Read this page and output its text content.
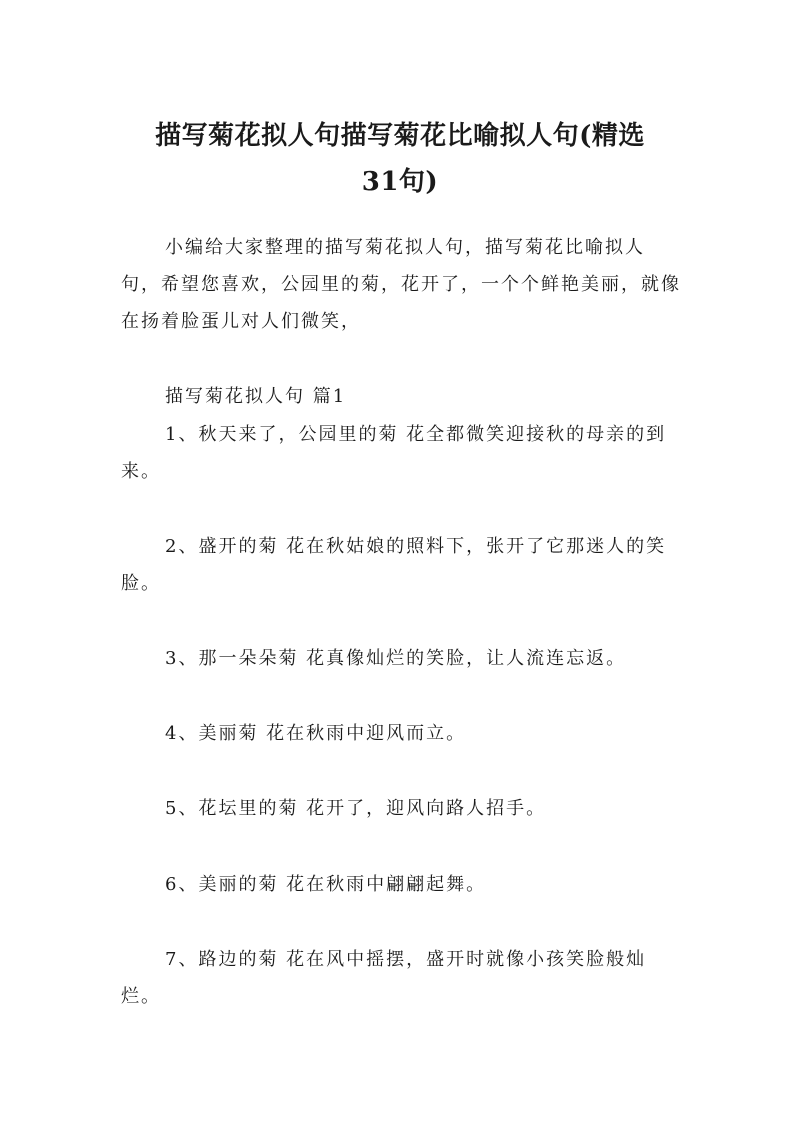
描写菊花拟人句描写菊花比喻拟人句(精选
31句)

小编给大家整理的描写菊花拟人句，描写菊花比喻拟人句，希望您喜欢，公园里的菊，花开了，一个个鲜艳美丽，就像在扬着脸蛋儿对人们微笑，

描写菊花拟人句 篇1

1、秋天来了，公园里的菊 花全都微笑迎接秋的母亲的到来。

2、盛开的菊 花在秋姑娘的照料下，张开了它那迷人的笑脸。

3、那一朵朵菊 花真像灿烂的笑脸，让人流连忘返。

4、美丽菊 花在秋雨中迎风而立。

5、花坛里的菊 花开了，迎风向路人招手。

6、美丽的菊 花在秋雨中翩翩起舞。

7、路边的菊 花在风中摇摆，盛开时就像小孩笑脸般灿烂。
